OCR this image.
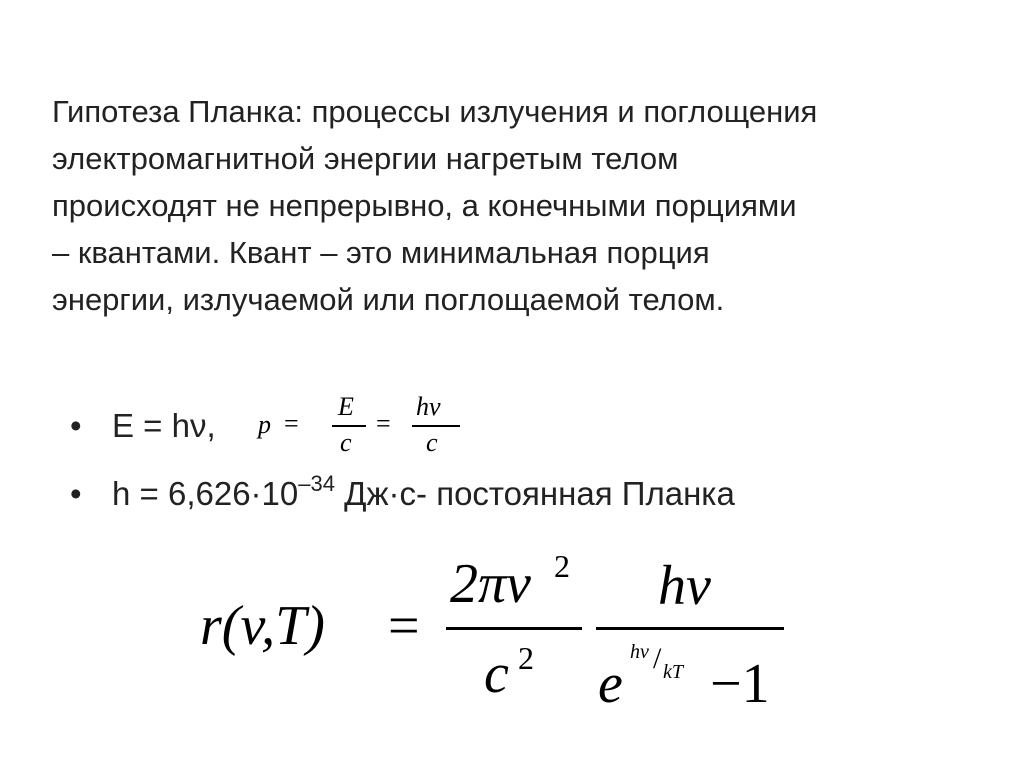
Гипотеза Планка: процессы излучения и поглощения
электромагнитной энергии нагретым телом
происходят не непрерывно, а конечными порциями
– квантами. Квант – это минимальная порция
энергии, излучаемой или поглощаемой телом.
• E = hν,
• $h = 6,626\cdot 10^{-34}$ Дж·с- постоянная Планка
p =
E
c
=
hv
c
r(v,T) =
2πv 2
c 2
hv
e
hv / kT −1
